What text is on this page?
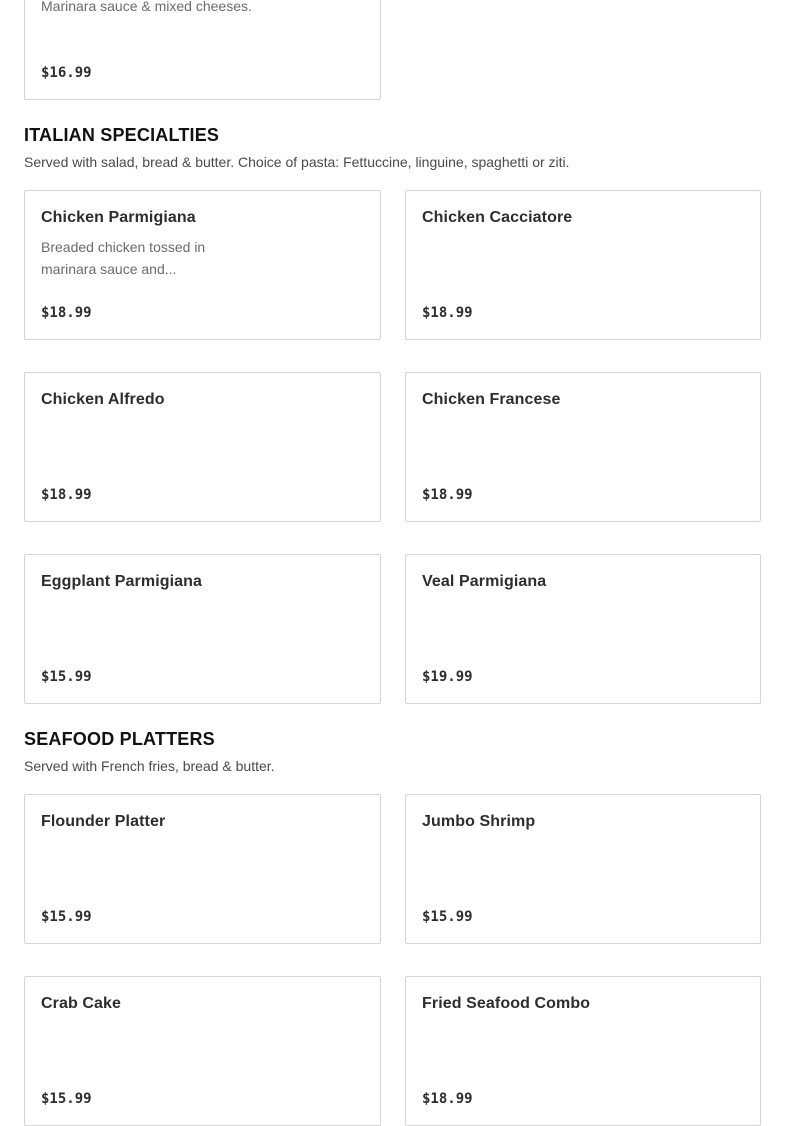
Marinara sauce & mixed cheeses.
$16.99
ITALIAN SPECIALTIES
Served with salad, bread & butter. Choice of pasta: Fettuccine, linguine, spaghetti or ziti.
Chicken Parmigiana
Breaded chicken tossed in marinara sauce and...
$18.99
Chicken Cacciatore
$18.99
Chicken Alfredo
$18.99
Chicken Francese
$18.99
Eggplant Parmigiana
$15.99
Veal Parmigiana
$19.99
SEAFOOD PLATTERS
Served with French fries, bread & butter.
Flounder Platter
$15.99
Jumbo Shrimp
$15.99
Crab Cake
$15.99
Fried Seafood Combo
$18.99
